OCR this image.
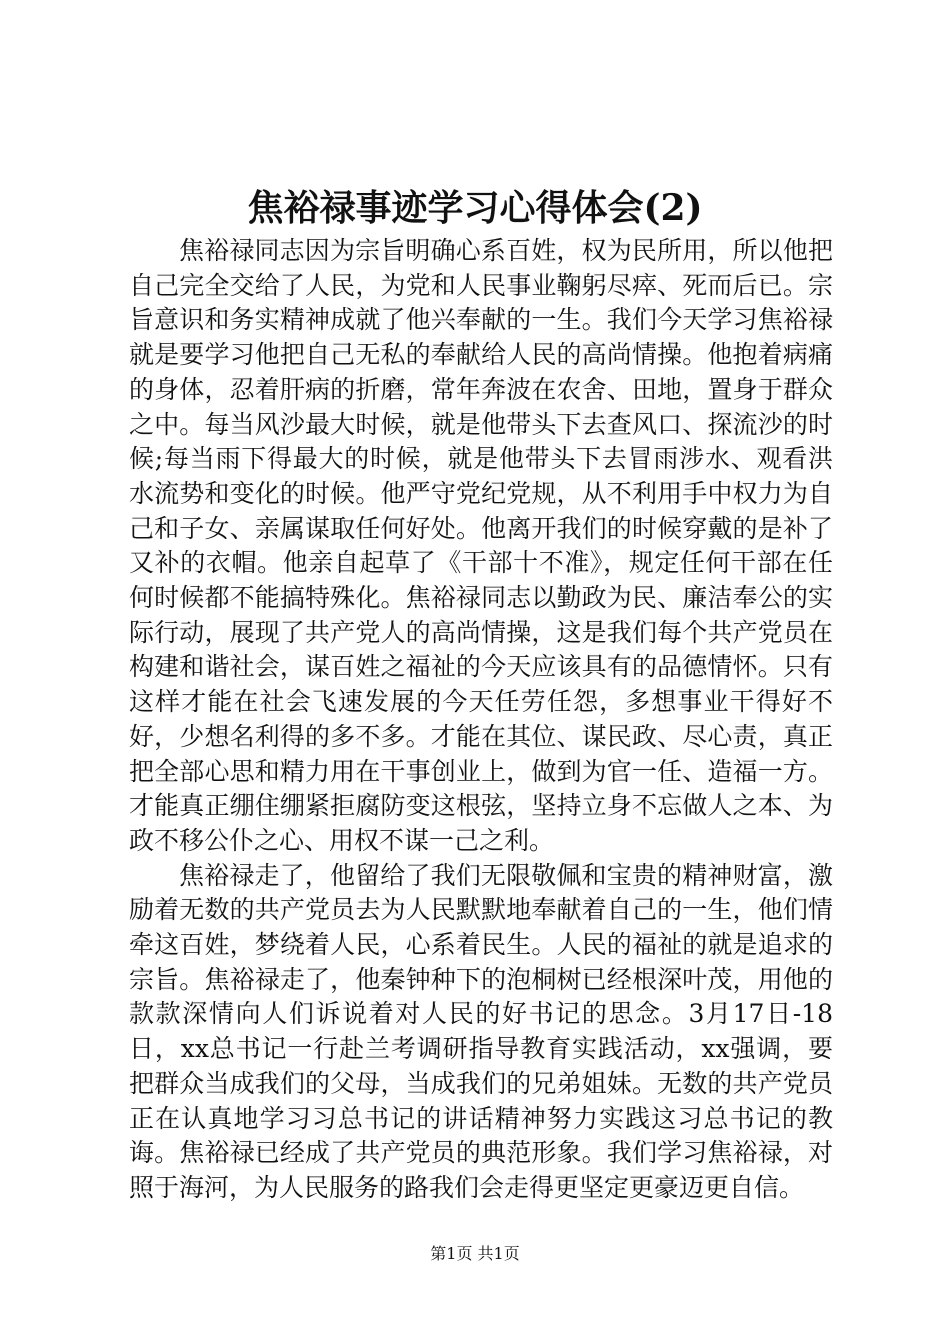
焦裕禄事迹学习心得体会(2)

焦裕禄同志因为宗旨明确心系百姓，权为民所用，所以他把自己完全交给了人民，为党和人民事业鞠躬尽瘁、死而后已。宗旨意识和务实精神成就了他兴奉献的一生。我们今天学习焦裕禄就是要学习他把自己无私的奉献给人民的高尚情操。他抱着病痛的身体，忍着肝病的折磨，常年奔波在农舍、田地，置身于群众之中。每当风沙最大时候，就是他带头下去查风口、探流沙的时候;每当雨下得最大的时候，就是他带头下去冒雨涉水、观看洪水流势和变化的时候。他严守党纪党规，从不利用手中权力为自己和子女、亲属谋取任何好处。他离开我们的时候穿戴的是补了又补的衣帽。他亲自起草了《干部十不准》，规定任何干部在任何时候都不能搞特殊化。焦裕禄同志以勤政为民、廉洁奉公的实际行动，展现了共产党人的高尚情操，这是我们每个共产党员在构建和谐社会，谋百姓之福祉的今天应该具有的品德情怀。只有这样才能在社会飞速发展的今天任劳任怨，多想事业干得好不好，少想名利得的多不多。才能在其位、谋民政、尽心责，真正把全部心思和精力用在干事创业上，做到为官一任、造福一方。才能真正绷住绷紧拒腐防变这根弦，坚持立身不忘做人之本、为政不移公仆之心、用权不谋一己之利。

焦裕禄走了，他留给了我们无限敬佩和宝贵的精神财富，激励着无数的共产党员去为人民默默地奉献着自己的一生，他们情牵这百姓，梦绕着人民，心系着民生。人民的福祉的就是追求的宗旨。焦裕禄走了，他秦钟种下的泡桐树已经根深叶茂，用他的款款深情向人们诉说着对人民的好书记的思念。3月17日-18日，xx总书记一行赴兰考调研指导教育实践活动，xx强调，要把群众当成我们的父母，当成我们的兄弟姐妹。无数的共产党员正在认真地学习习总书记的讲话精神努力实践这习总书记的教诲。焦裕禄已经成了共产党员的典范形象。我们学习焦裕禄，对照于海河，为人民服务的路我们会走得更坚定更豪迈更自信。

第1页 共1页
